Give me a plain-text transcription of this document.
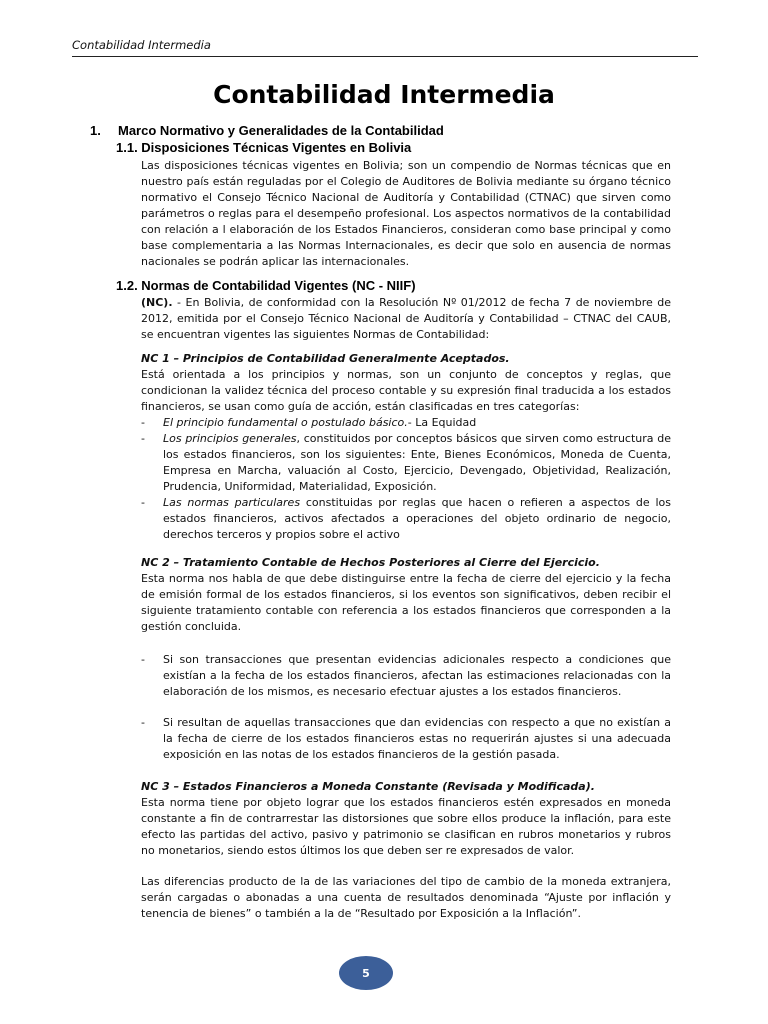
Contabilidad Intermedia
Contabilidad Intermedia
1. Marco Normativo y Generalidades de la Contabilidad
1.1. Disposiciones Técnicas Vigentes en Bolivia

Las disposiciones técnicas vigentes en Bolivia; son un compendio de Normas técnicas que en nuestro país están reguladas por el Colegio de Auditores de Bolivia mediante su órgano técnico normativo el Consejo Técnico Nacional de Auditoría y Contabilidad (CTNAC) que sirven como parámetros o reglas para el desempeño profesional. Los aspectos normativos de la contabilidad con relación a l elaboración de los Estados Financieros, consideran como base principal y como base complementaria a las Normas Internacionales, es decir que solo en ausencia de normas nacionales se podrán aplicar las internacionales.

1.2. Normas de Contabilidad Vigentes (NC - NIIF)

(NC). - En Bolivia, de conformidad con la Resolución Nº 01/2012 de fecha 7 de noviembre de 2012, emitida por el Consejo Técnico Nacional de Auditoría y Contabilidad – CTNAC del CAUB, se encuentran vigentes las siguientes Normas de Contabilidad:

NC 1 – Principios de Contabilidad Generalmente Aceptados.

Está orientada a los principios y normas, son un conjunto de conceptos y reglas, que condicionan la validez técnica del proceso contable y su expresión final traducida a los estados financieros, se usan como guía de acción, están clasificadas en tres categorías:

- El principio fundamental o postulado básico.- La Equidad
- Los principios generales, constituidos por conceptos básicos que sirven como estructura de los estados financieros, son los siguientes: Ente, Bienes Económicos, Moneda de Cuenta, Empresa en Marcha, valuación al Costo, Ejercicio, Devengado, Objetividad, Realización, Prudencia, Uniformidad, Materialidad, Exposición.
- Las normas particulares constituidas por reglas que hacen o refieren a aspectos de los estados financieros, activos afectados a operaciones del objeto ordinario de negocio, derechos terceros y propios sobre el activo

NC 2 – Tratamiento Contable de Hechos Posteriores al Cierre del Ejercicio.

Esta norma nos habla de que debe distinguirse entre la fecha de cierre del ejercicio y la fecha de emisión formal de los estados financieros, si los eventos son significativos, deben recibir el siguiente tratamiento contable con referencia a los estados financieros que corresponden a la gestión concluida.

- Si son transacciones que presentan evidencias adicionales respecto a condiciones que existían a la fecha de los estados financieros, afectan las estimaciones relacionadas con la elaboración de los mismos, es necesario efectuar ajustes a los estados financieros.
- Si resultan de aquellas transacciones que dan evidencias con respecto a que no existían a la fecha de cierre de los estados financieros estas no requerirán ajustes si una adecuada exposición en las notas de los estados financieros de la gestión pasada.

NC 3 – Estados Financieros a Moneda Constante (Revisada y Modificada).

Esta norma tiene por objeto lograr que los estados financieros estén expresados en moneda constante a fin de contrarrestar las distorsiones que sobre ellos produce la inflación, para este efecto las partidas del activo, pasivo y patrimonio se clasifican en rubros monetarios y rubros no monetarios, siendo estos últimos los que deben ser re expresados de valor.

Las diferencias producto de la de las variaciones del tipo de cambio de la moneda extranjera, serán cargadas o abonadas a una cuenta de resultados denominada “Ajuste por inflación y tenencia de bienes” o también a la de “Resultado por Exposición a la Inflación”.

5
